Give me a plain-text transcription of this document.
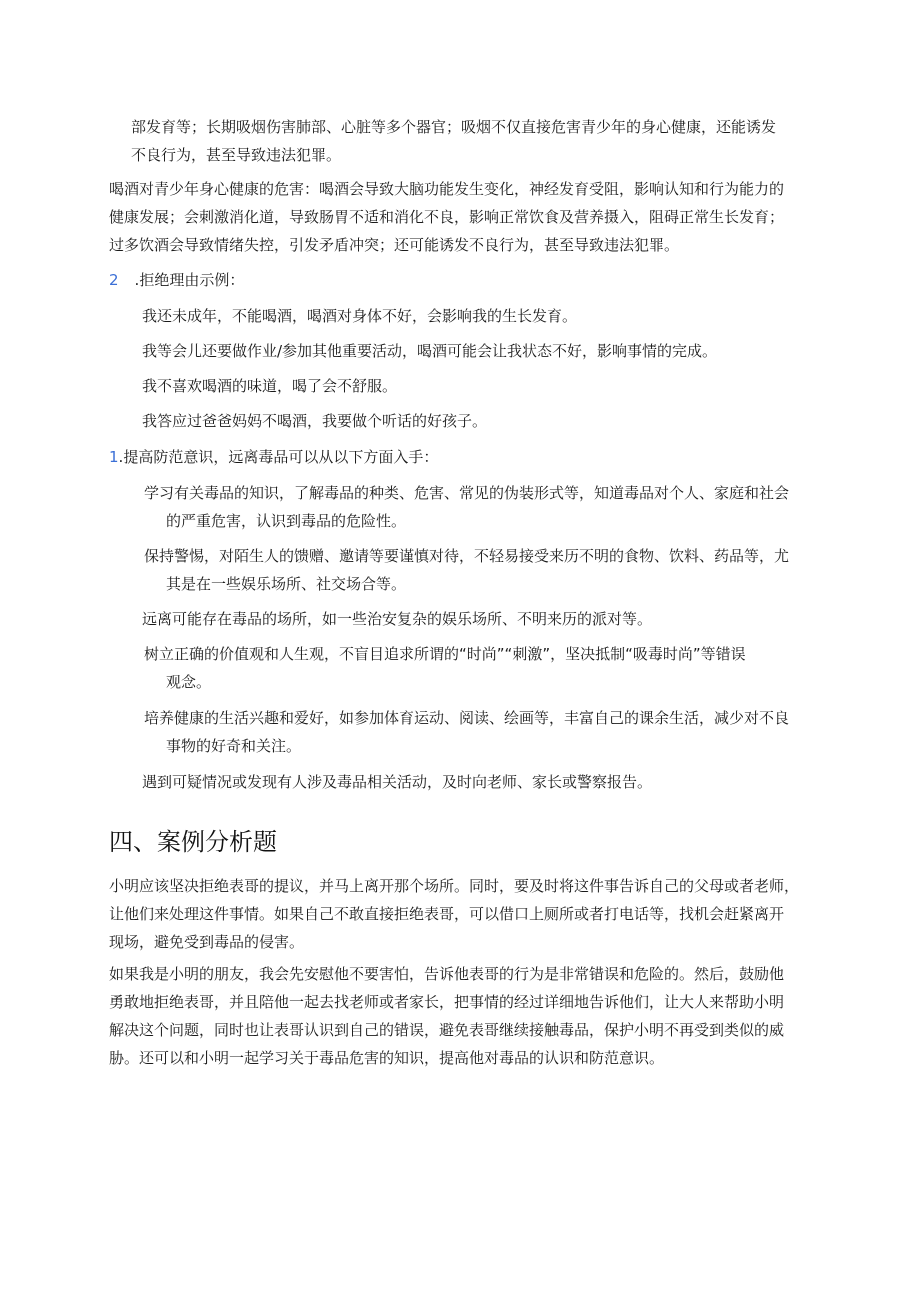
部发育等；长期吸烟伤害肺部、心脏等多个器官；吸烟不仅直接危害青少年的身心健康，还能诱发
不良行为，甚至导致违法犯罪。
喝酒对青少年身心健康的危害：喝酒会导致大脑功能发生变化，神经发育受阻，影响认知和行为能力的
健康发展；会刺激消化道，导致肠胃不适和消化不良，影响正常饮食及营养摄入，阻碍正常生长发育；
过多饮酒会导致情绪失控，引发矛盾冲突；还可能诱发不良行为，甚至导致违法犯罪。
2 .拒绝理由示例：
我还未成年，不能喝酒，喝酒对身体不好，会影响我的生长发育。
我等会儿还要做作业/参加其他重要活动，喝酒可能会让我状态不好，影响事情的完成。
我不喜欢喝酒的味道，喝了会不舒服。
我答应过爸爸妈妈不喝酒，我要做个听话的好孩子。
1.提高防范意识，远离毒品可以从以下方面入手：
学习有关毒品的知识，了解毒品的种类、危害、常见的伪装形式等，知道毒品对个人、家庭和社会
的严重危害，认识到毒品的危险性。
保持警惕，对陌生人的馈赠、邀请等要谨慎对待，不轻易接受来历不明的食物、饮料、药品等，尤
其是在一些娱乐场所、社交场合等。
远离可能存在毒品的场所，如一些治安复杂的娱乐场所、不明来历的派对等。
树立正确的价值观和人生观，不盲目追求所谓的“时尚”“刺激”，坚决抵制“吸毒时尚”等错误
观念。
培养健康的生活兴趣和爱好，如参加体育运动、阅读、绘画等，丰富自己的课余生活，减少对不良
事物的好奇和关注。
遇到可疑情况或发现有人涉及毒品相关活动，及时向老师、家长或警察报告。
四、案例分析题
小明应该坚决拒绝表哥的提议，并马上离开那个场所。同时，要及时将这件事告诉自己的父母或者老师，
让他们来处理这件事情。如果自己不敢直接拒绝表哥，可以借口上厕所或者打电话等，找机会赶紧离开
现场，避免受到毒品的侵害。
如果我是小明的朋友，我会先安慰他不要害怕，告诉他表哥的行为是非常错误和危险的。然后，鼓励他
勇敢地拒绝表哥，并且陪他一起去找老师或者家长，把事情的经过详细地告诉他们，让大人来帮助小明
解决这个问题，同时也让表哥认识到自己的错误，避免表哥继续接触毒品，保护小明不再受到类似的威
胁。还可以和小明一起学习关于毒品危害的知识，提高他对毒品的认识和防范意识。
